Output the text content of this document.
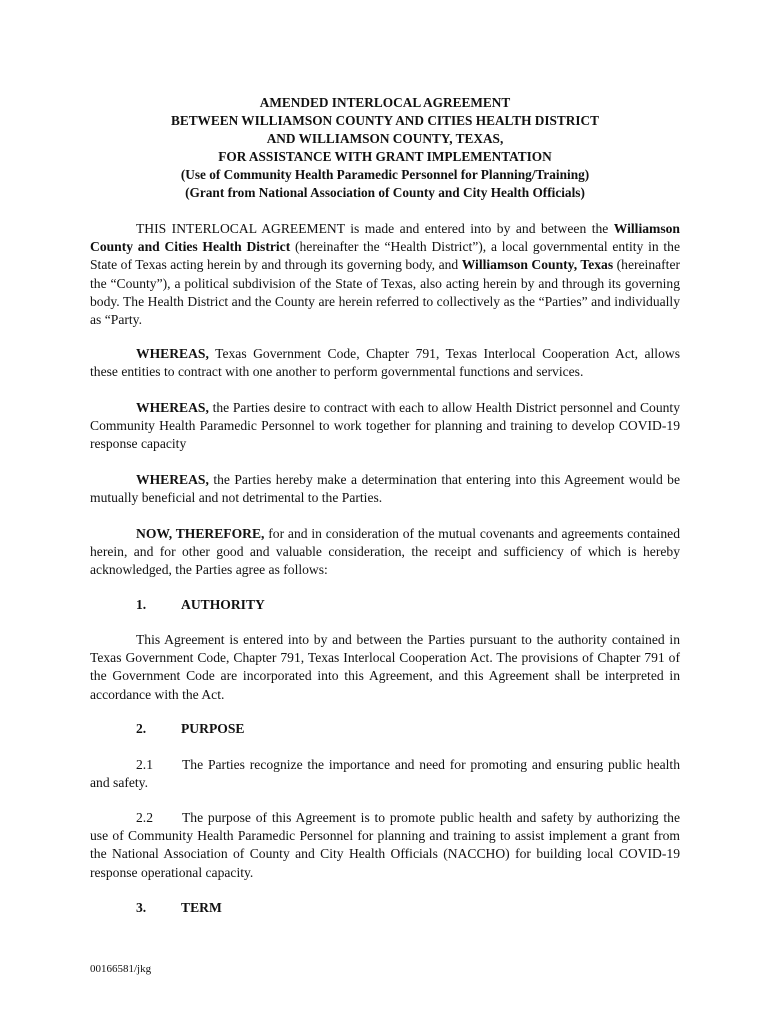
AMENDED INTERLOCAL AGREEMENT
BETWEEN WILLIAMSON COUNTY AND CITIES HEALTH DISTRICT
AND WILLIAMSON COUNTY, TEXAS,
FOR ASSISTANCE WITH GRANT IMPLEMENTATION
(Use of Community Health Paramedic Personnel for Planning/Training)
(Grant from National Association of County and City Health Officials)

THIS INTERLOCAL AGREEMENT is made and entered into by and between the Williamson County and Cities Health District (hereinafter the “Health District”), a local governmental entity in the State of Texas acting herein by and through its governing body, and Williamson County, Texas (hereinafter the “County”), a political subdivision of the State of Texas, also acting herein by and through its governing body. The Health District and the County are herein referred to collectively as the “Parties” and individually as “Party.

WHEREAS, Texas Government Code, Chapter 791, Texas Interlocal Cooperation Act, allows these entities to contract with one another to perform governmental functions and services.

WHEREAS, the Parties desire to contract with each to allow Health District personnel and County Community Health Paramedic Personnel to work together for planning and training to develop COVID-19 response capacity

WHEREAS, the Parties hereby make a determination that entering into this Agreement would be mutually beneficial and not detrimental to the Parties.

NOW, THEREFORE, for and in consideration of the mutual covenants and agreements contained herein, and for other good and valuable consideration, the receipt and sufficiency of which is hereby acknowledged, the Parties agree as follows:

1.	AUTHORITY

This Agreement is entered into by and between the Parties pursuant to the authority contained in Texas Government Code, Chapter 791, Texas Interlocal Cooperation Act. The provisions of Chapter 791 of the Government Code are incorporated into this Agreement, and this Agreement shall be interpreted in accordance with the Act.

2.	PURPOSE

2.1 The Parties recognize the importance and need for promoting and ensuring public health and safety.

2.2 The purpose of this Agreement is to promote public health and safety by authorizing the use of Community Health Paramedic Personnel for planning and training to assist implement a grant from the National Association of County and City Health Officials (NACCHO) for building local COVID-19 response operational capacity.

3.	TERM
00166581/jkg
